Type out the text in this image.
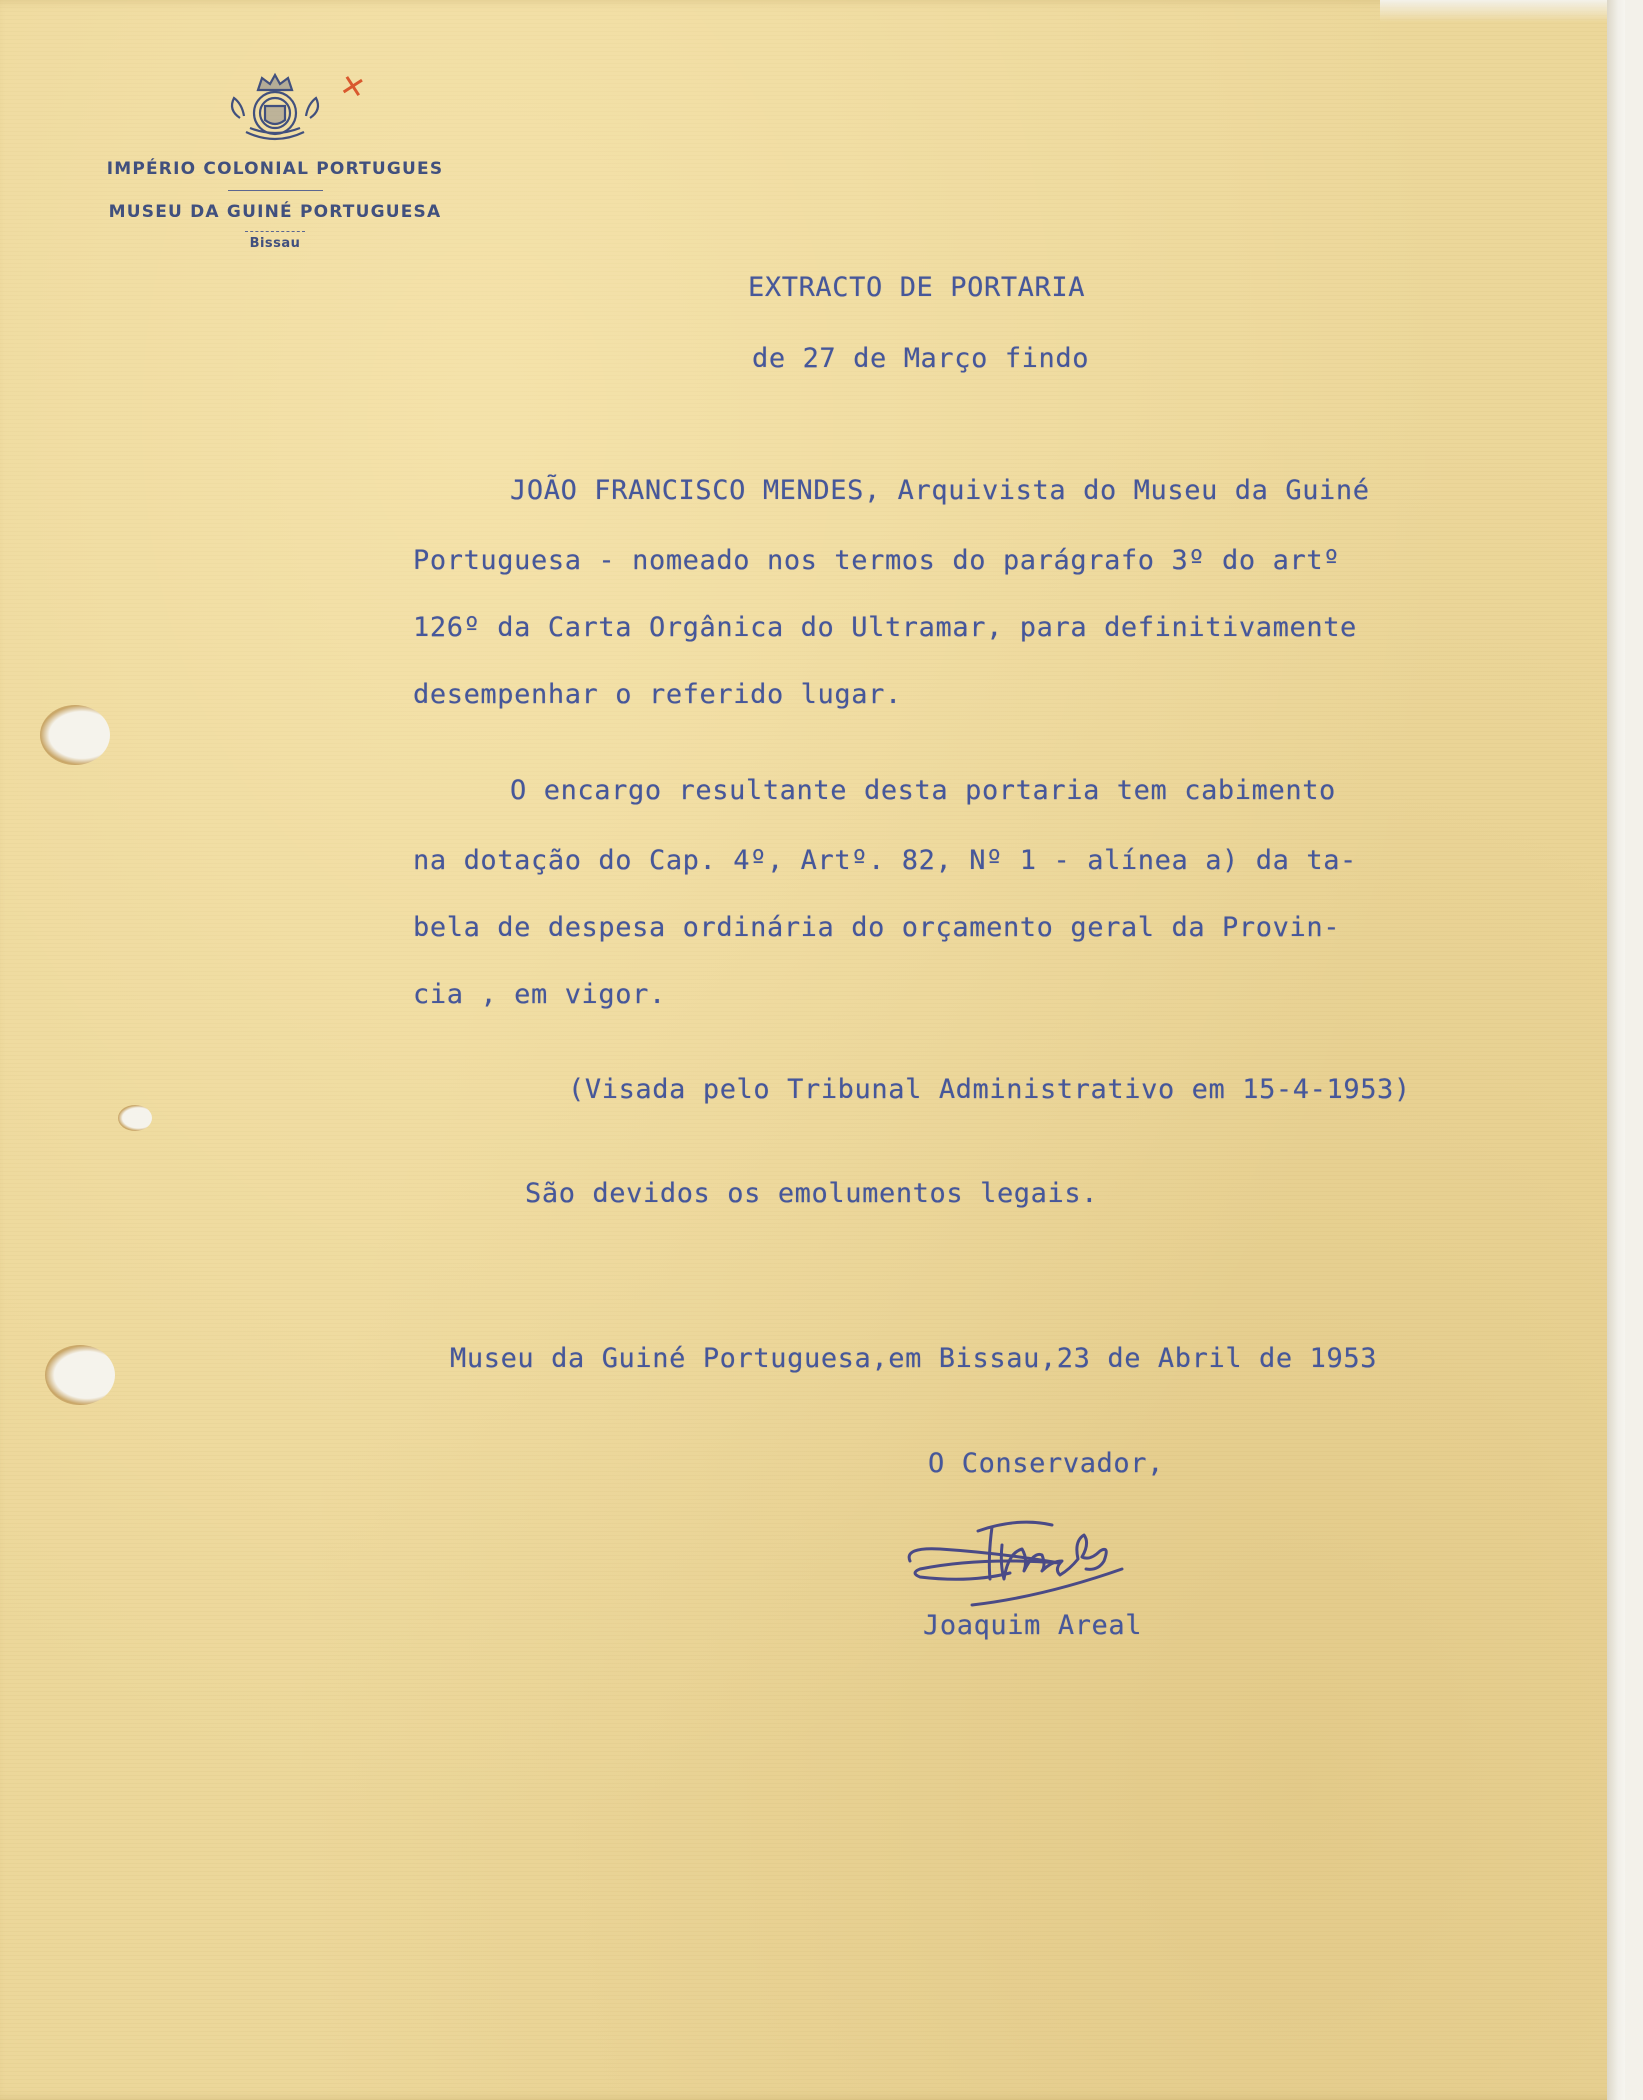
IMPÉRIO COLONIAL PORTUGUES

MUSEU DA GUINÉ PORTUGUESA

Bissau

✕
EXTRACTO DE PORTARIA
de 27 de Março findo
JOÃO FRANCISCO MENDES, Arquivista do Museu da Guiné
Portuguesa - nomeado nos termos do parágrafo 3º do artº
126º da Carta Orgânica do Ultramar, para definitivamente
desempenhar o referido lugar.
O encargo resultante desta portaria tem cabimento
na dotação do Cap. 4º, Artº. 82, Nº 1 - alínea a) da ta-
bela de despesa ordinária do orçamento geral da Provin-
cia , em vigor.
(Visada pelo Tribunal Administrativo em 15-4-1953)
São devidos os emolumentos legais.
Museu da Guiné Portuguesa,em Bissau,23 de Abril de 1953
O Conservador,
Joaquim Areal
